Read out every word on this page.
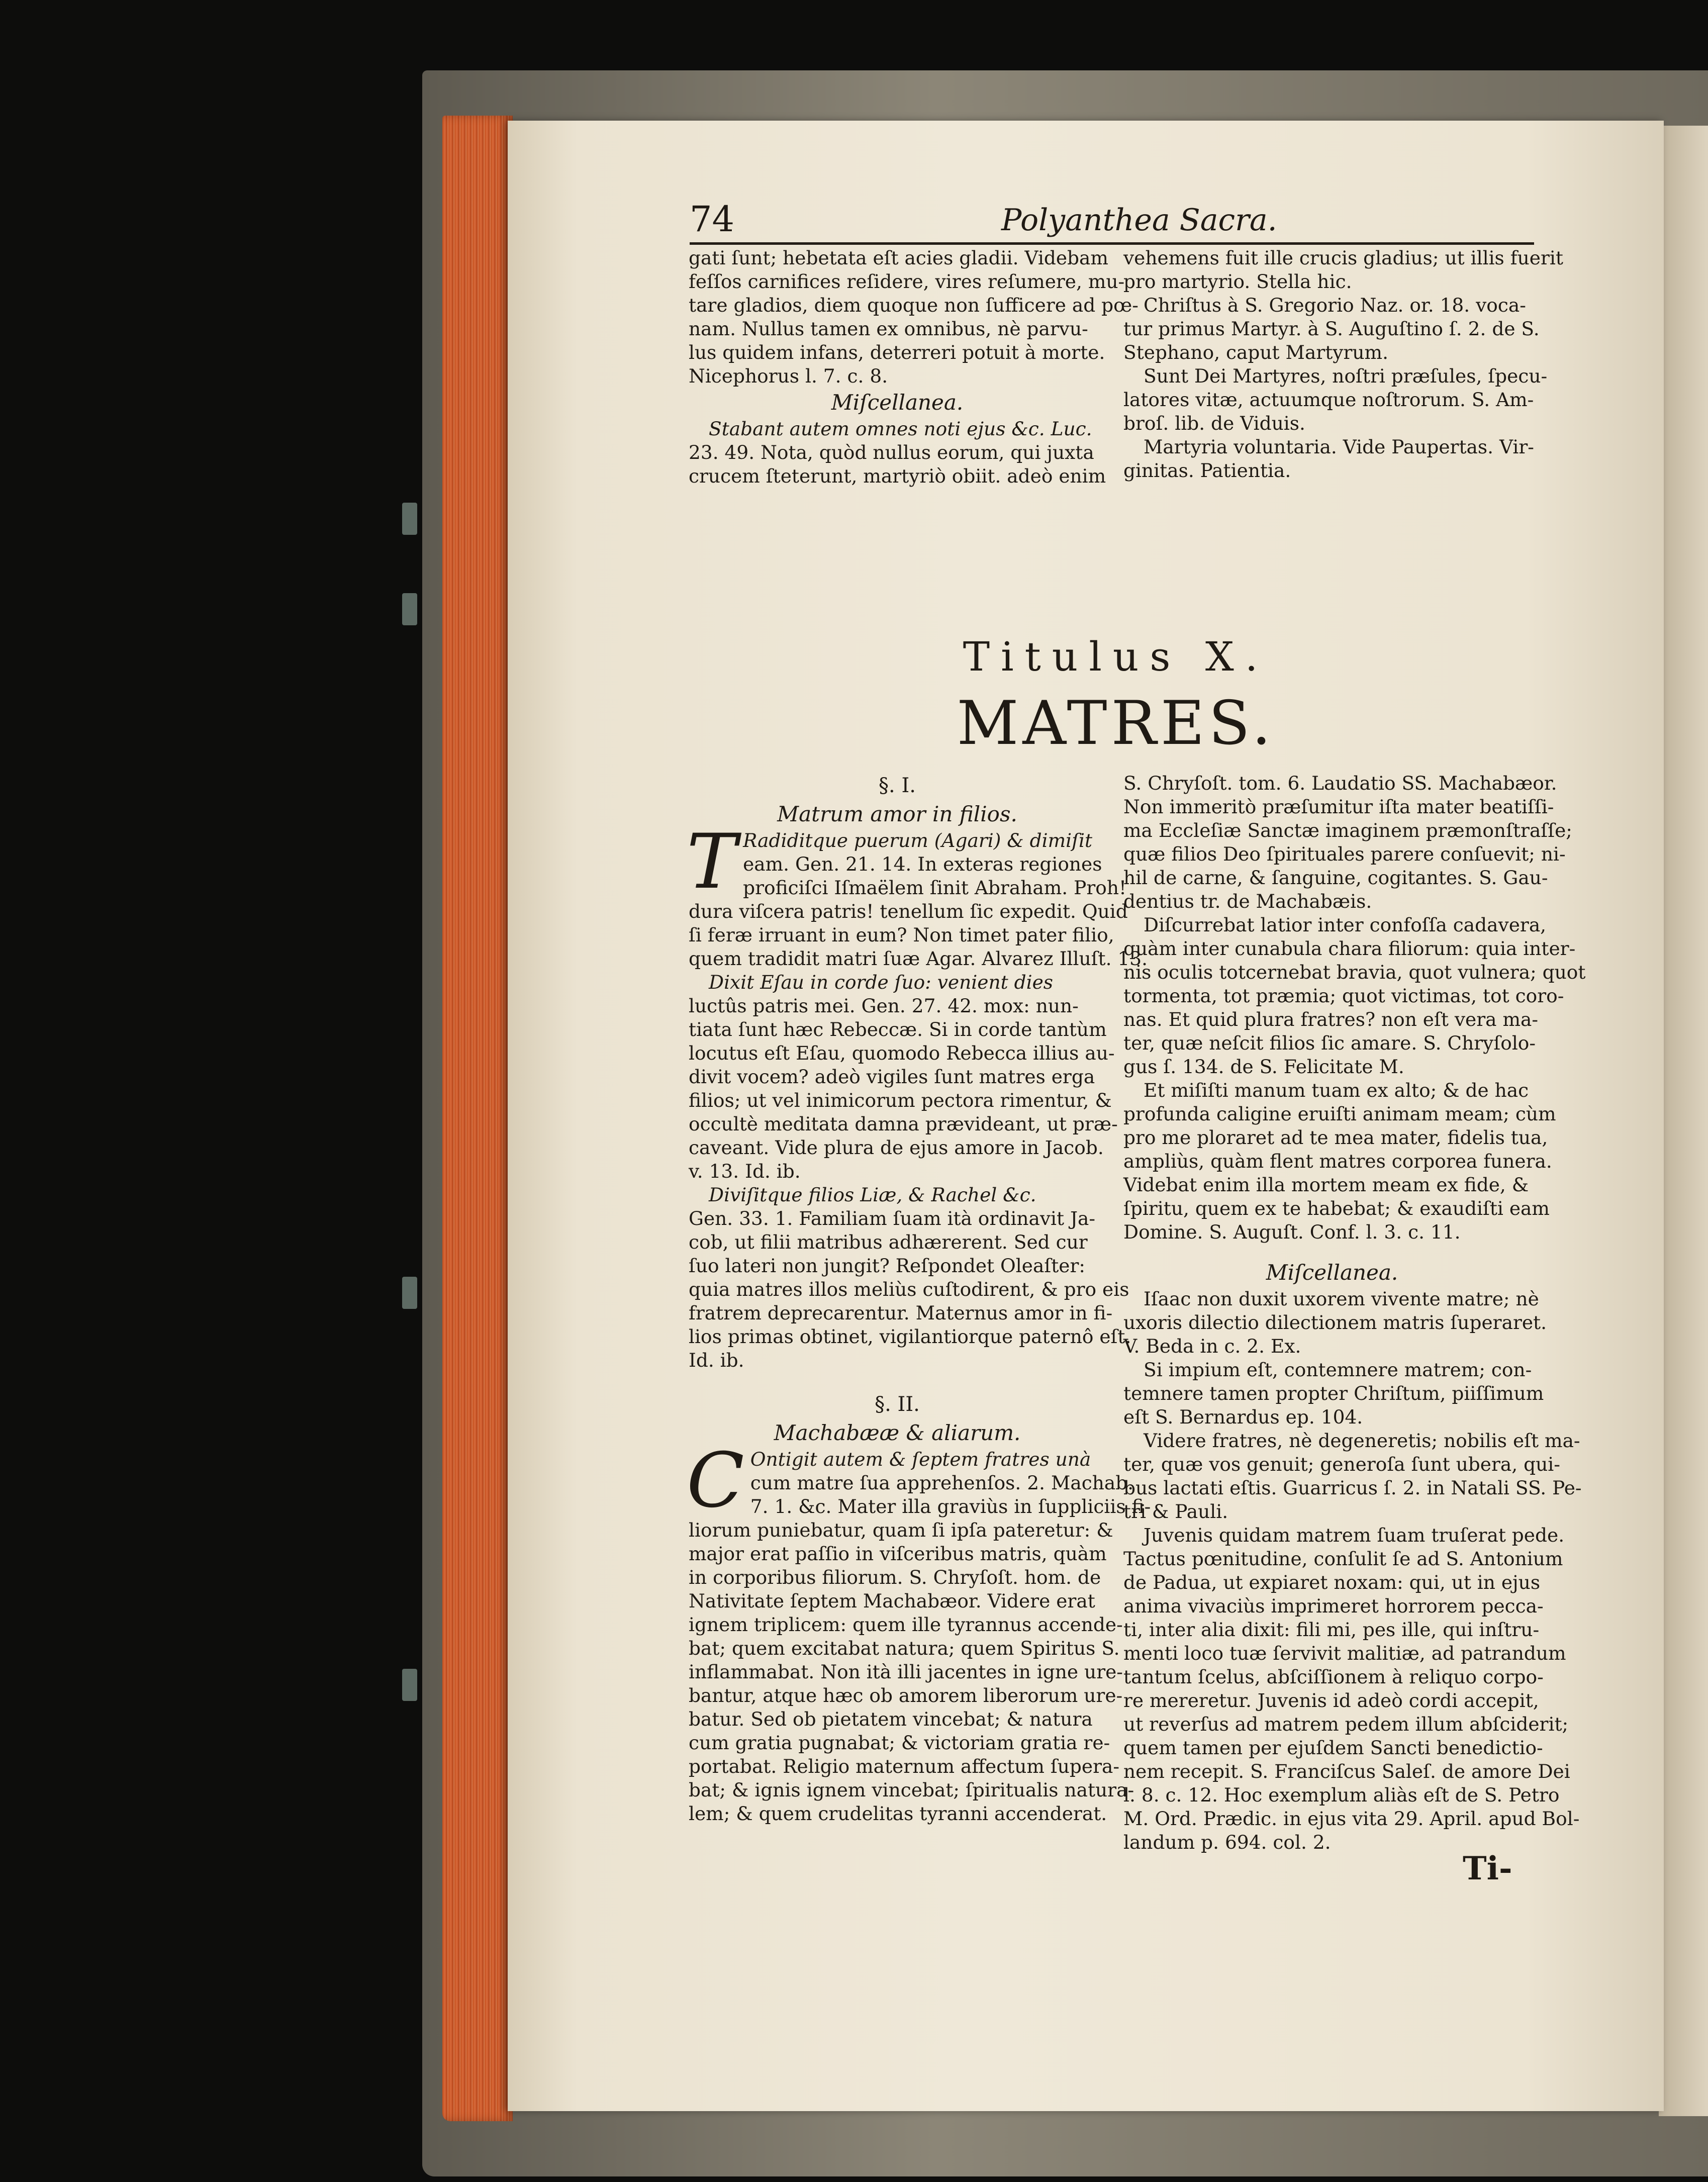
74	Polyanthea Sacra.
gati ſunt; hebetata eſt acies gladii. Videbam
feſſos carnifices reſidere, vires reſumere, mu-
tare gladios, diem quoque non ſufficere ad pœ-
nam. Nullus tamen ex omnibus, nè parvu-
lus quidem infans, deterreri potuit à morte.
Nicephorus l. 7. c. 8.
Miſcellanea.
Stabant autem omnes noti ejus &c. Luc.
23. 49. Nota, quòd nullus eorum, qui juxta
crucem ſteterunt, martyriò obiit. adeò enim
vehemens fuit ille crucis gladius; ut illis fuerit
pro martyrio. Stella hic.
Chriſtus à S. Gregorio Naz. or. 18. voca-
tur primus Martyr. à S. Auguſtino ſ. 2. de S.
Stephano, caput Martyrum.
Sunt Dei Martyres, noſtri præſules, ſpecu-
latores vitæ, actuumque noſtrorum. S. Am-
broſ. lib. de Viduis.
Martyria voluntaria. Vide Paupertas. Vir-
ginitas. Patientia.
Titulus X.
MATRES.
§. I.
Matrum amor in filios.
T Radiditque puerum (Agari) & dimiſit
eam. Gen. 21. 14. In exteras regiones
proficiſci Iſmaëlem ſinit Abraham. Proh!
dura viſcera patris! tenellum ſic expedit. Quid
ſi feræ irruant in eum? Non timet pater filio,
quem tradidit matri ſuæ Agar. Alvarez Illuſt. 13.
Dixit Eſau in corde ſuo: venient dies
luctûs patris mei. Gen. 27. 42. mox: nun-
tiata ſunt hæc Rebeccæ. Si in corde tantùm
locutus eſt Eſau, quomodo Rebecca illius au-
divit vocem? adeò vigiles ſunt matres erga
filios; ut vel inimicorum pectora rimentur, &
occultè meditata damna prævideant, ut præ-
caveant. Vide plura de ejus amore in Jacob.
v. 13. Id. ib.
Diviſitque filios Liæ, & Rachel &c.
Gen. 33. 1. Familiam ſuam ità ordinavit Ja-
cob, ut filii matribus adhærerent. Sed cur
ſuo lateri non jungit? Reſpondet Oleaſter:
quia matres illos meliùs cuſtodirent, & pro eis
fratrem deprecarentur. Maternus amor in fi-
lios primas obtinet, vigilantiorque paternô eſt.
Id. ib.
§. II.
Machabææ & aliarum.
C Ontigit autem & ſeptem fratres unà
cum matre ſua apprehenſos. 2. Machab.
7. 1. &c. Mater illa graviùs in ſuppliciis fi-
liorum puniebatur, quam ſi ipſa pateretur: &
major erat paſſio in viſceribus matris, quàm
in corporibus filiorum. S. Chryſoſt. hom. de
Nativitate ſeptem Machabæor. Videre erat
ignem triplicem: quem ille tyrannus accende-
bat; quem excitabat natura; quem Spiritus S.
inflammabat. Non ità illi jacentes in igne ure-
bantur, atque hæc ob amorem liberorum ure-
batur. Sed ob pietatem vincebat; & natura
cum gratia pugnabat; & victoriam gratia re-
portabat. Religio maternum affectum ſupera-
bat; & ignis ignem vincebat; ſpiritualis natura-
lem; & quem crudelitas tyranni accenderat.
S. Chryſoſt. tom. 6. Laudatio SS. Machabæor.
Non immeritò præſumitur iſta mater beatiſſi-
ma Eccleſiæ Sanctæ imaginem præmonſtraſſe;
quæ filios Deo ſpirituales parere conſuevit; ni-
hil de carne, & ſanguine, cogitantes. S. Gau-
dentius tr. de Machabæis.
Diſcurrebat latior inter confoſſa cadavera,
quàm inter cunabula chara filiorum: quia inter-
nis oculis totcernebat bravia, quot vulnera; quot
tormenta, tot præmia; quot victimas, tot coro-
nas. Et quid plura fratres? non eſt vera ma-
ter, quæ neſcit filios ſic amare. S. Chryſolo-
gus ſ. 134. de S. Felicitate M.
Et miſiſti manum tuam ex alto; & de hac
profunda caligine eruiſti animam meam; cùm
pro me ploraret ad te mea mater, fidelis tua,
ampliùs, quàm flent matres corporea funera.
Videbat enim illa mortem meam ex fide, &
ſpiritu, quem ex te habebat; & exaudiſti eam
Domine. S. Auguſt. Conf. l. 3. c. 11.
Miſcellanea.
Iſaac non duxit uxorem vivente matre; nè
uxoris dilectio dilectionem matris ſuperaret.
V. Beda in c. 2. Ex.
Si impium eſt, contemnere matrem; con-
temnere tamen propter Chriſtum, piiſſimum
eſt S. Bernardus ep. 104.
Videre fratres, nè degeneretis; nobilis eſt ma-
ter, quæ vos genuit; generoſa ſunt ubera, qui-
bus lactati eſtis. Guarricus ſ. 2. in Natali SS. Pe-
tri & Pauli.
Juvenis quidam matrem ſuam truſerat pede.
Tactus pœnitudine, conſulit ſe ad S. Antonium
de Padua, ut expiaret noxam: qui, ut in ejus
anima vivaciùs imprimeret horrorem pecca-
ti, inter alia dixit: fili mi, pes ille, qui inſtru-
menti loco tuæ ſervivit malitiæ, ad patrandum
tantum ſcelus, abſciſſionem à reliquo corpo-
re mereretur. Juvenis id adeò cordi accepit,
ut reverſus ad matrem pedem illum abſciderit;
quem tamen per ejuſdem Sancti benedictio-
nem recepit. S. Franciſcus Saleſ. de amore Dei
l. 8. c. 12. Hoc exemplum aliàs eſt de S. Petro
M. Ord. Prædic. in ejus vita 29. April. apud Bol-
landum p. 694. col. 2.
Ti-
